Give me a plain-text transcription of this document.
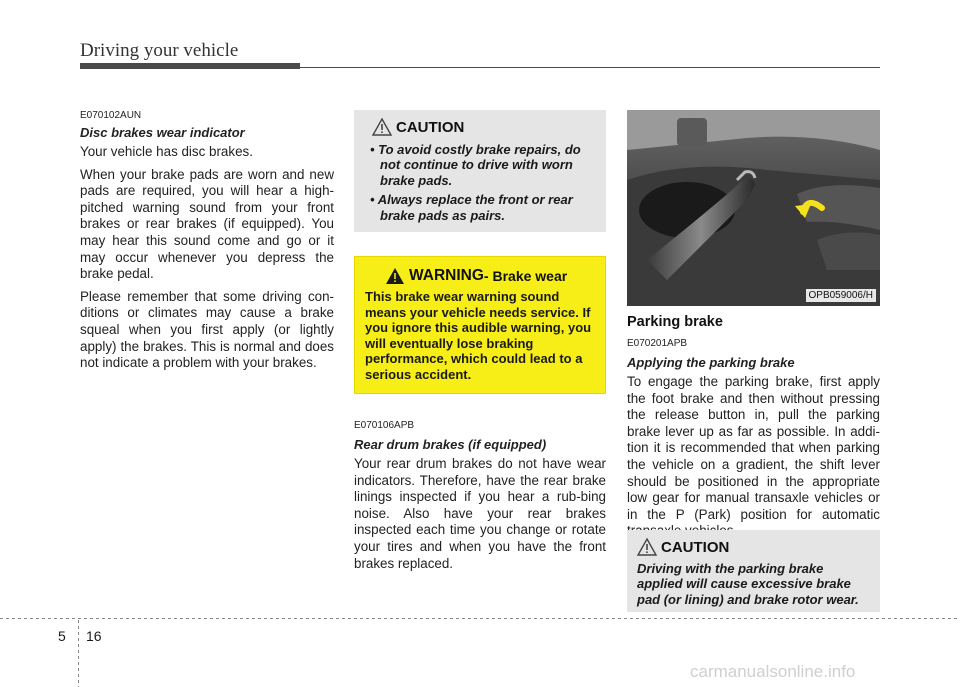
Driving your vehicle
E070102AUN
Disc brakes wear indicator

Your vehicle has disc brakes.

When your brake pads are worn and new pads are required, you will hear a high-pitched warning sound from your front brakes or rear brakes (if equipped). You may hear this sound come and go or it may occur whenever you depress the brake pedal.

Please remember that some driving con-ditions or climates may cause a brake squeal when you first apply (or lightly apply) the brakes. This is normal and does not indicate a problem with your brakes.

CAUTION
• To avoid costly brake repairs, do not continue to drive with worn brake pads.
• Always replace the front or rear brake pads as pairs.
WARNING - Brake wear

This brake wear warning sound means your vehicle needs service. If you ignore this audible warning, you will eventually lose braking performance, which could lead to a serious accident.

E070106APB
Rear drum brakes (if equipped)

Your rear drum brakes do not have wear indicators. Therefore, have the rear brake linings inspected if you hear a rub-bing noise. Also have your rear brakes inspected each time you change or rotate your tires and when you have the front brakes replaced.

OPB059006/H
Parking brake
E070201APB
Applying the parking brake

To engage the parking brake, first apply the foot brake and then without pressing the release button in, pull the parking brake lever up as far as possible. In addi-tion it is recommended that when parking the vehicle on a gradient, the shift lever should be positioned in the appropriate low gear for manual transaxle vehicles or in the P (Park) position for automatic

CAUTION

Driving with the parking brake applied will cause excessive brake pad (or lining) and brake rotor wear.

5 16
carmanualsonline.info
